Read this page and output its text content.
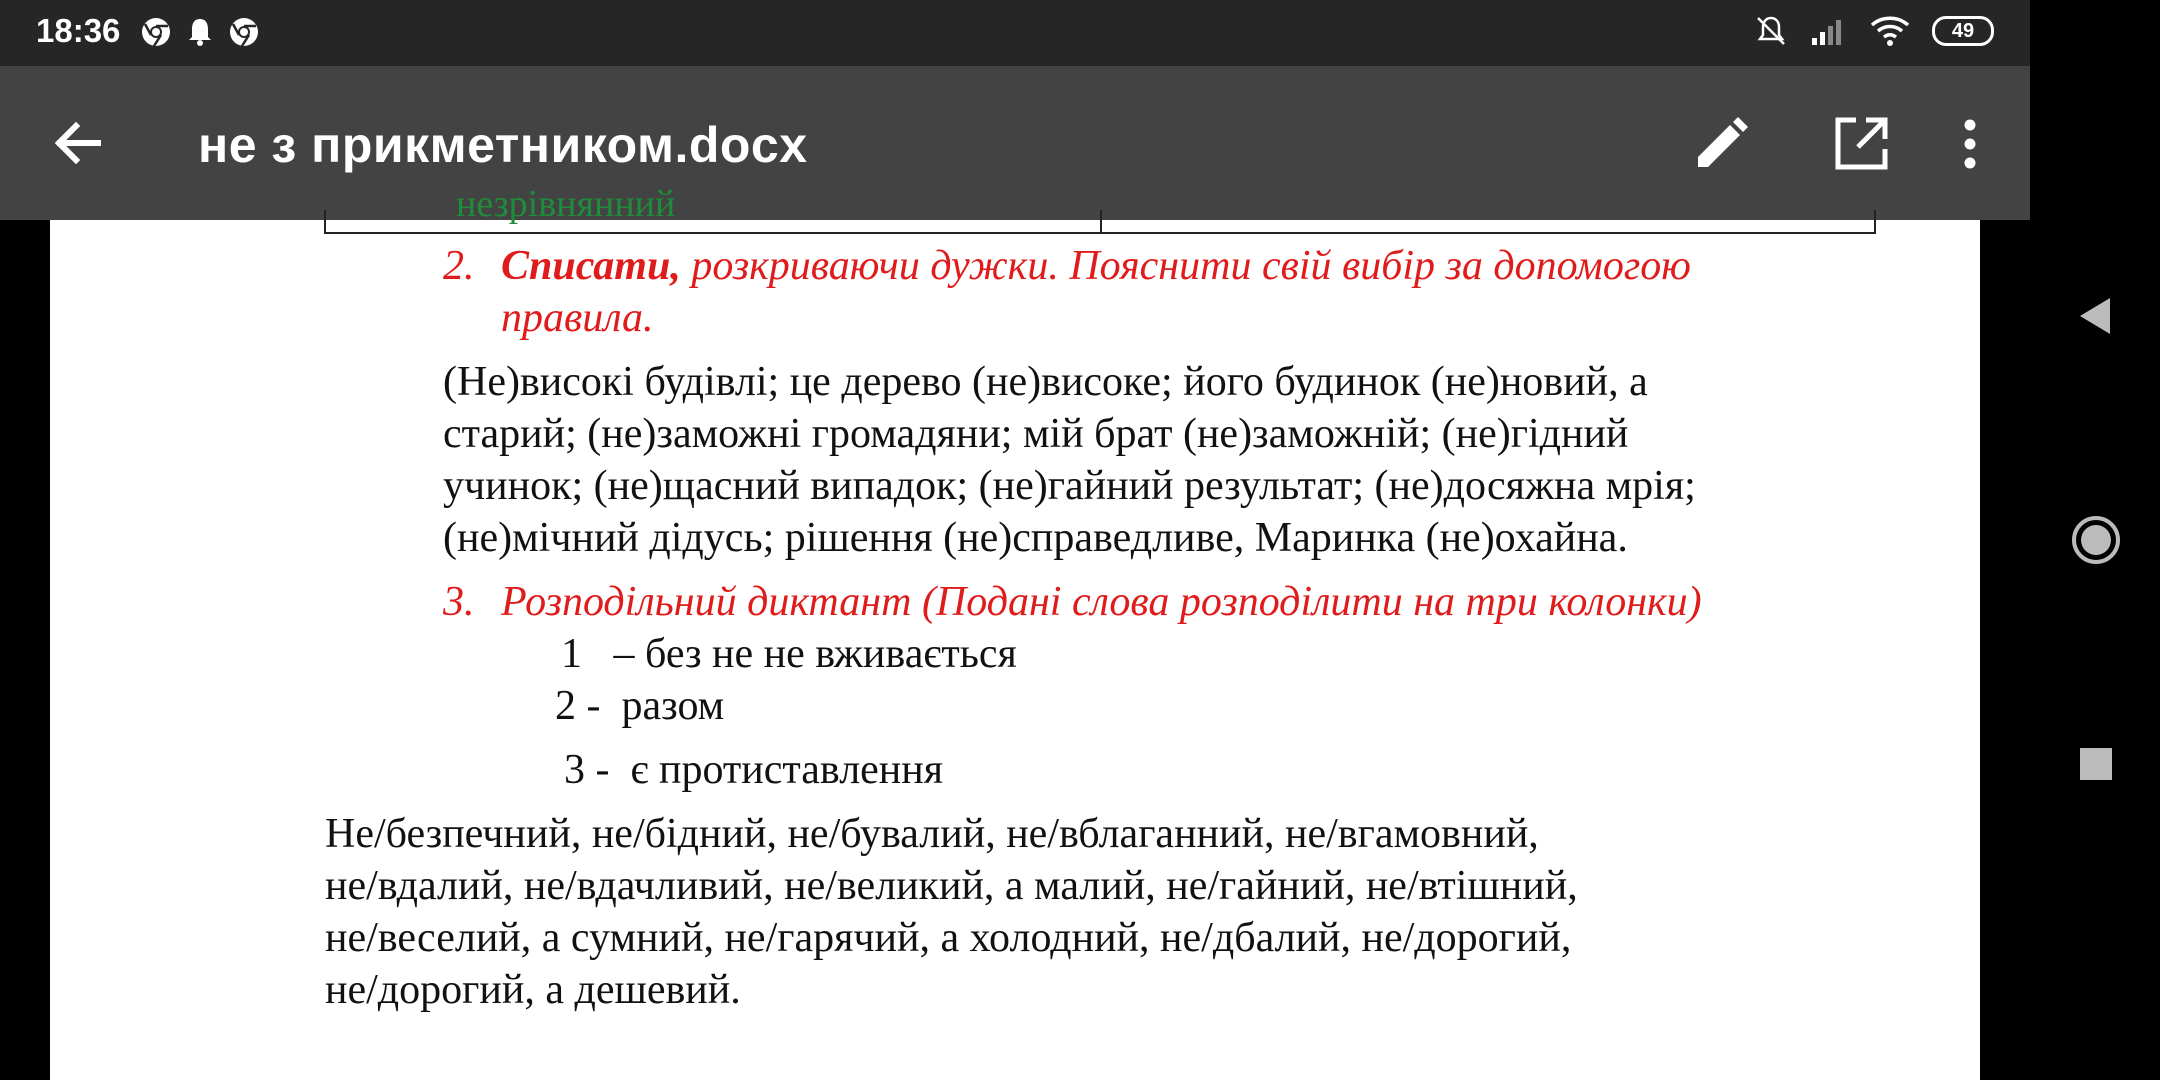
18:36	49
не з прикметником.docx
незрівнянний
2. Списати, розкриваючи дужки. Пояснити свій вибір за допомогою
правила.
(Не)високі будівлі; це дерево (не)високе; його будинок (не)новий, а
старий; (не)заможні громадяни; мій брат (не)заможній; (не)гідний
учинок; (не)щасний випадок; (не)гайний результат; (не)досяжна мрія;
(не)мічний дідусь; рішення (не)справедливе, Маринка (не)охайна.
3. Розподільний диктант (Подані слова розподілити на три колонки)
1   – без не не вживається
2 -  разом
3 -  є протиставлення
Не/безпечний, не/бідний, не/бувалий, не/вблаганний, не/вгамовний,
не/вдалий, не/вдачливий, не/великий, а малий, не/гайний, не/втішний,
не/веселий, а сумний, не/гарячий, а холодний, не/дбалий, не/дорогий,
не/дорогий, а дешевий.
